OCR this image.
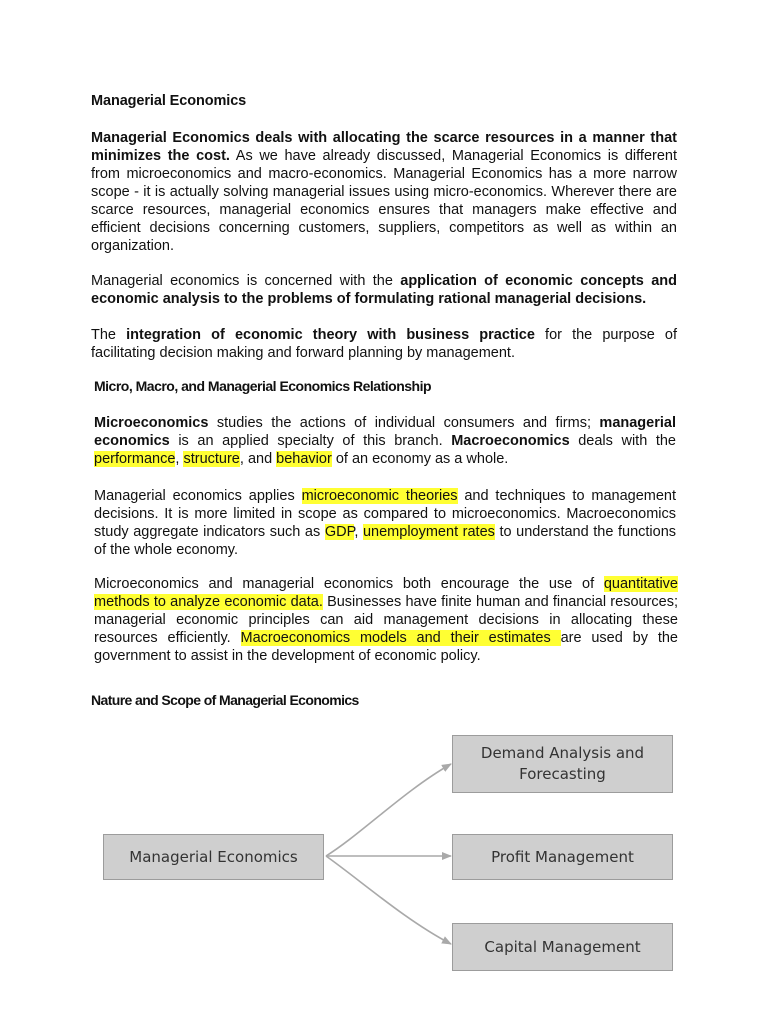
Managerial Economics
Managerial Economics deals with allocating the scarce resources in a manner that minimizes the cost. As we have already discussed, Managerial Economics is different from microeconomics and macro-economics. Managerial Economics has a more narrow scope - it is actually solving managerial issues using micro-economics. Wherever there are scarce resources, managerial economics ensures that managers make effective and efficient decisions concerning customers, suppliers, competitors as well as within an organization.
Managerial economics is concerned with the application of economic concepts and economic analysis to the problems of formulating rational managerial decisions.
The integration of economic theory with business practice for the purpose of facilitating decision making and forward planning by management.
Micro, Macro, and Managerial Economics Relationship
Microeconomics studies the actions of individual consumers and firms; managerial economics is an applied specialty of this branch. Macroeconomics deals with the performance, structure, and behavior of an economy as a whole.
Managerial economics applies microeconomic theories and techniques to management decisions. It is more limited in scope as compared to microeconomics. Macroeconomics study aggregate indicators such as GDP, unemployment rates to understand the functions of the whole economy.
Microeconomics and managerial economics both encourage the use of quantitative methods to analyze economic data. Businesses have finite human and financial resources; managerial economic principles can aid management decisions in allocating these resources efficiently. Macroeconomics models and their estimates are used by the government to assist in the development of economic policy.
Nature and Scope of Managerial Economics
Managerial Economics
Demand Analysis and Forecasting
Profit Management
Capital Management
